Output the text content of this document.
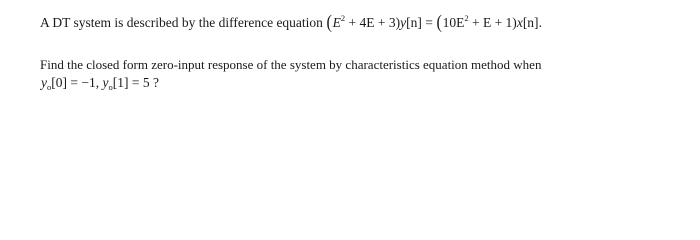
A DT system is described by the difference equation $(E^2 + 4E + 3)y[n] = (10E^2 + E + 1)x[n]$.
Find the closed form zero-input response of the system by characteristics equation method when
$y_o[0] = -1$, $y_o[1] = 5$ ?
